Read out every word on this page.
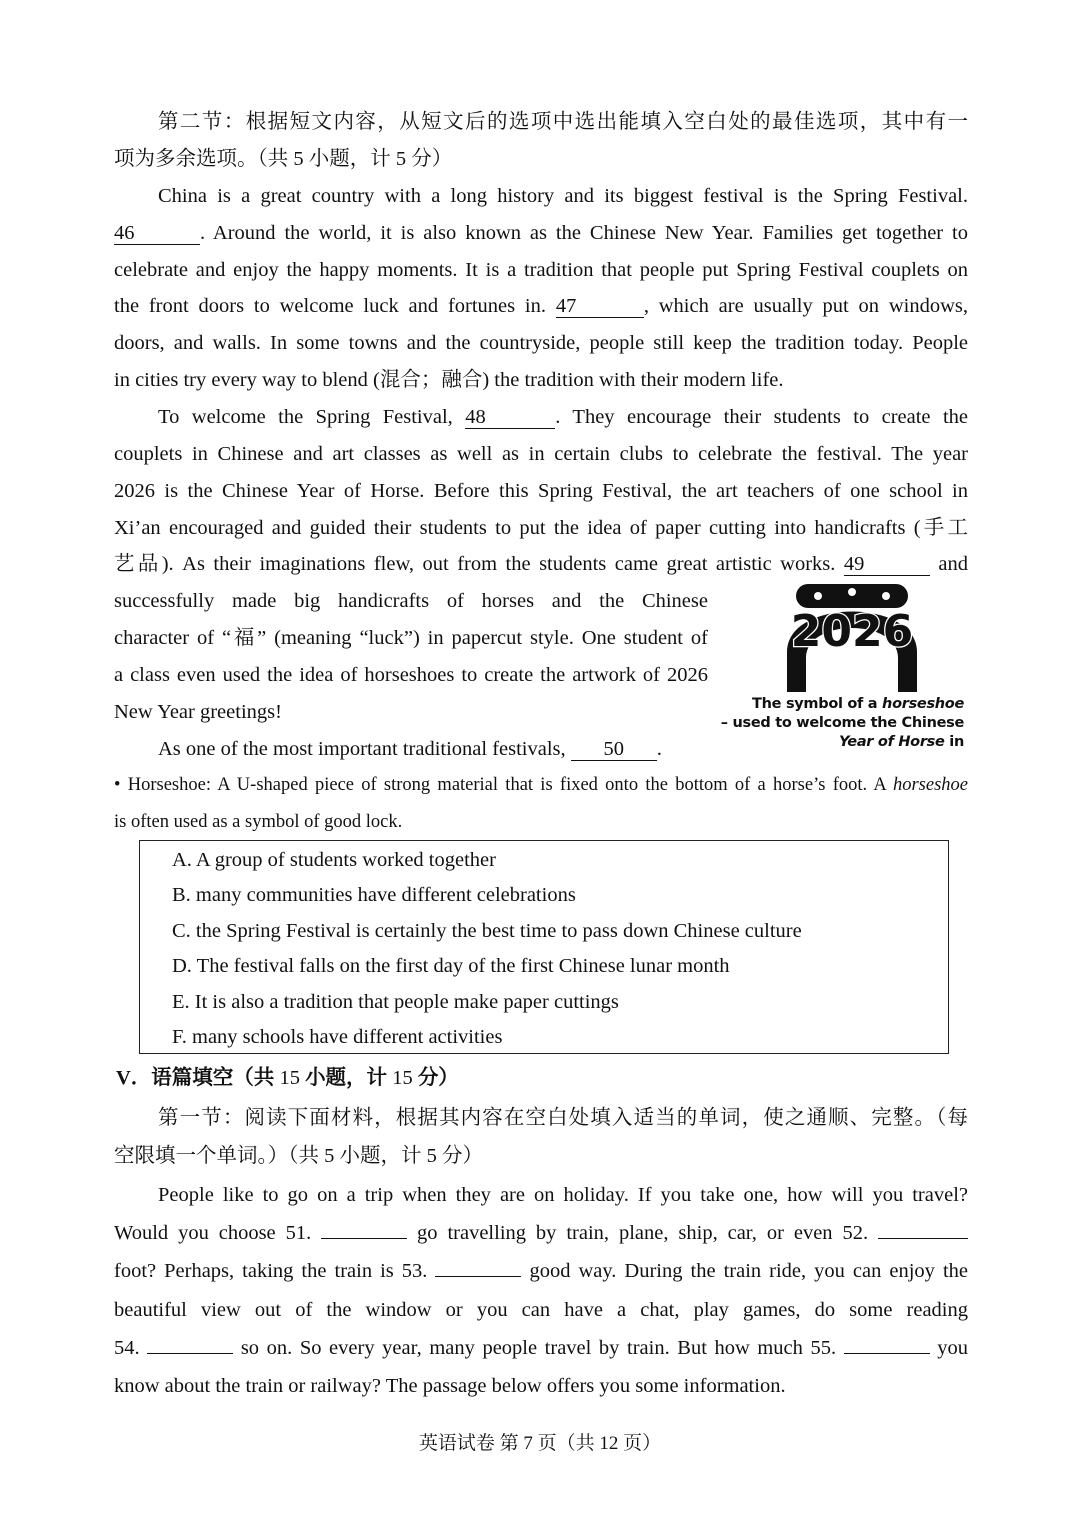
第二节：根据短文内容，从短文后的选项中选出能填入空白处的最佳选项，其中有一
项为多余选项。（共 5 小题，计 5 分）
China is a great country with a long history and its biggest festival is the Spring Festival.
46	. Around the world, it is also known as the Chinese New Year. Families get together to
celebrate and enjoy the happy moments. It is a tradition that people put Spring Festival couplets on
the front doors to welcome luck and fortunes in. 47	, which are usually put on windows,
doors, and walls. In some towns and the countryside, people still keep the tradition today. People
in cities try every way to blend (混合；融合) the tradition with their modern life.
To welcome the Spring Festival, 48	. They encourage their students to create the
couplets in Chinese and art classes as well as in certain clubs to celebrate the festival. The year
2026 is the Chinese Year of Horse. Before this Spring Festival, the art teachers of one school in
Xi’an encouraged and guided their students to put the idea of paper cutting into handicrafts (手工
艺品). As their imaginations flew, out from the students came great artistic works. 49	and
successfully made big handicrafts of horses and the Chinese
character of “福” (meaning “luck”) in papercut style. One student of
a class even used the idea of horseshoes to create the artwork of 2026
New Year greetings!
As one of the most important traditional festivals, 50 .
2026
The symbol of a horseshoe
– used to welcome the Chinese
Year of Horse in
• Horseshoe: A U-shaped piece of strong material that is fixed onto the bottom of a horse’s foot. A horseshoe
is often used as a symbol of good lock.
A. A group of students worked together
B. many communities have different celebrations
C. the Spring Festival is certainly the best time to pass down Chinese culture
D. The festival falls on the first day of the first Chinese lunar month
E. It is also a tradition that people make paper cuttings
F. many schools have different activities
V．语篇填空（共 15 小题，计 15 分）
第一节：阅读下面材料，根据其内容在空白处填入适当的单词，使之通顺、完整。（每
空限填一个单词。）（共 5 小题，计 5 分）
People like to go on a trip when they are on holiday. If you take one, how will you travel?
Would you choose 51.	go travelling by train, plane, ship, car, or even 52.
foot? Perhaps, taking the train is 53.	good way. During the train ride, you can enjoy the
beautiful view out of the window or you can have a chat, play games, do some reading
54.	so on. So every year, many people travel by train. But how much 55.	you
know about the train or railway? The passage below offers you some information.
英语试卷 第 7 页（共 12 页）
